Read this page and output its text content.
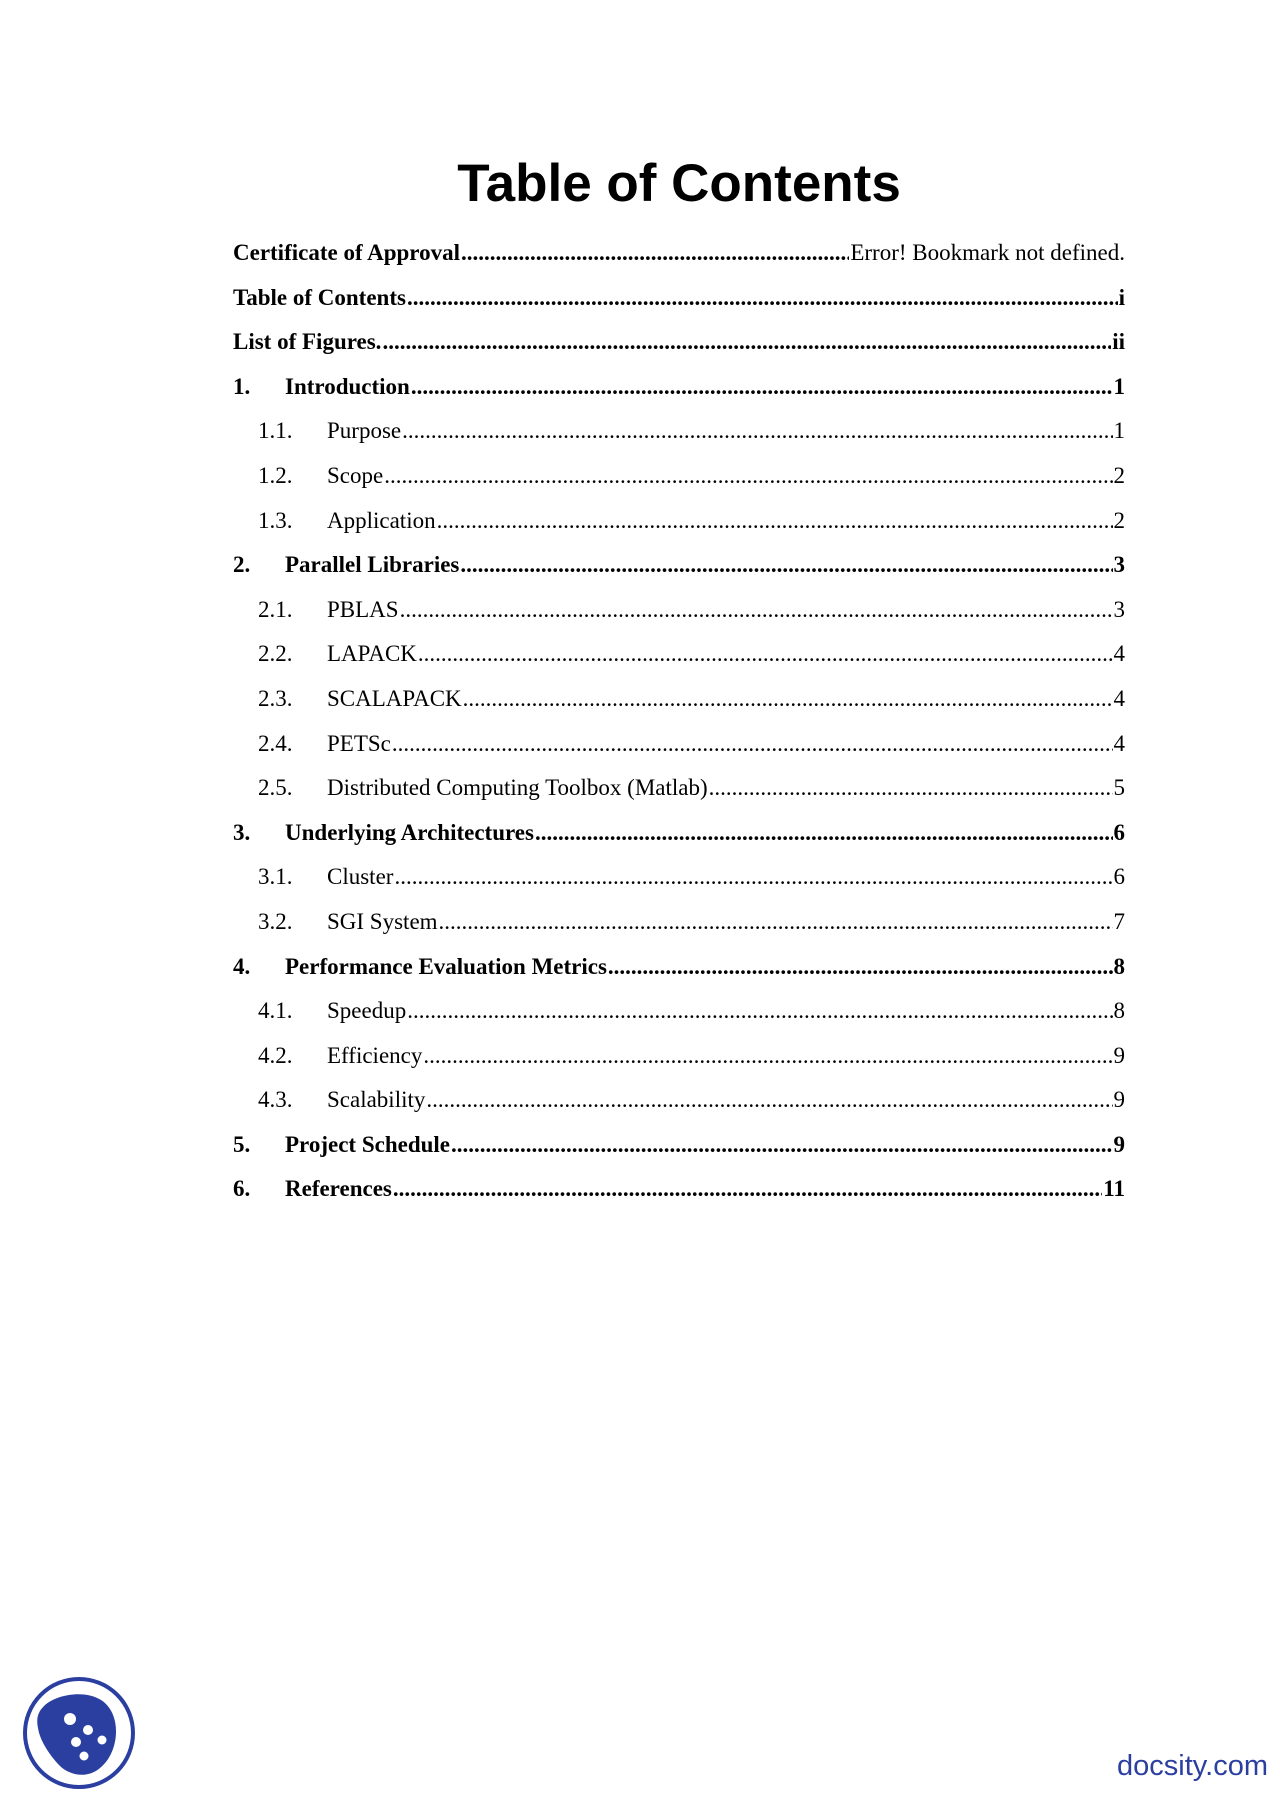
Table of Contents
Certificate of Approval .....	Error! Bookmark not defined.
Table of Contents .....	i
List of Figures. .....	ii
1.	Introduction .....	1
1.1.	Purpose .....	1
1.2.	Scope .....	2
1.3.	Application .....	2
2.	Parallel Libraries .....	3
2.1.	PBLAS .....	3
2.2.	LAPACK .....	4
2.3.	SCALAPACK .....	4
2.4.	PETSc .....	4
2.5.	Distributed Computing Toolbox (Matlab) .....	5
3.	Underlying Architectures .....	6
3.1.	Cluster .....	6
3.2.	SGI System .....	7
4.	Performance Evaluation Metrics .....	8
4.1.	Speedup .....	8
4.2.	Efficiency .....	9
4.3.	Scalability .....	9
5.	Project Schedule .....	9
6.	References .....	11
docsity.com
